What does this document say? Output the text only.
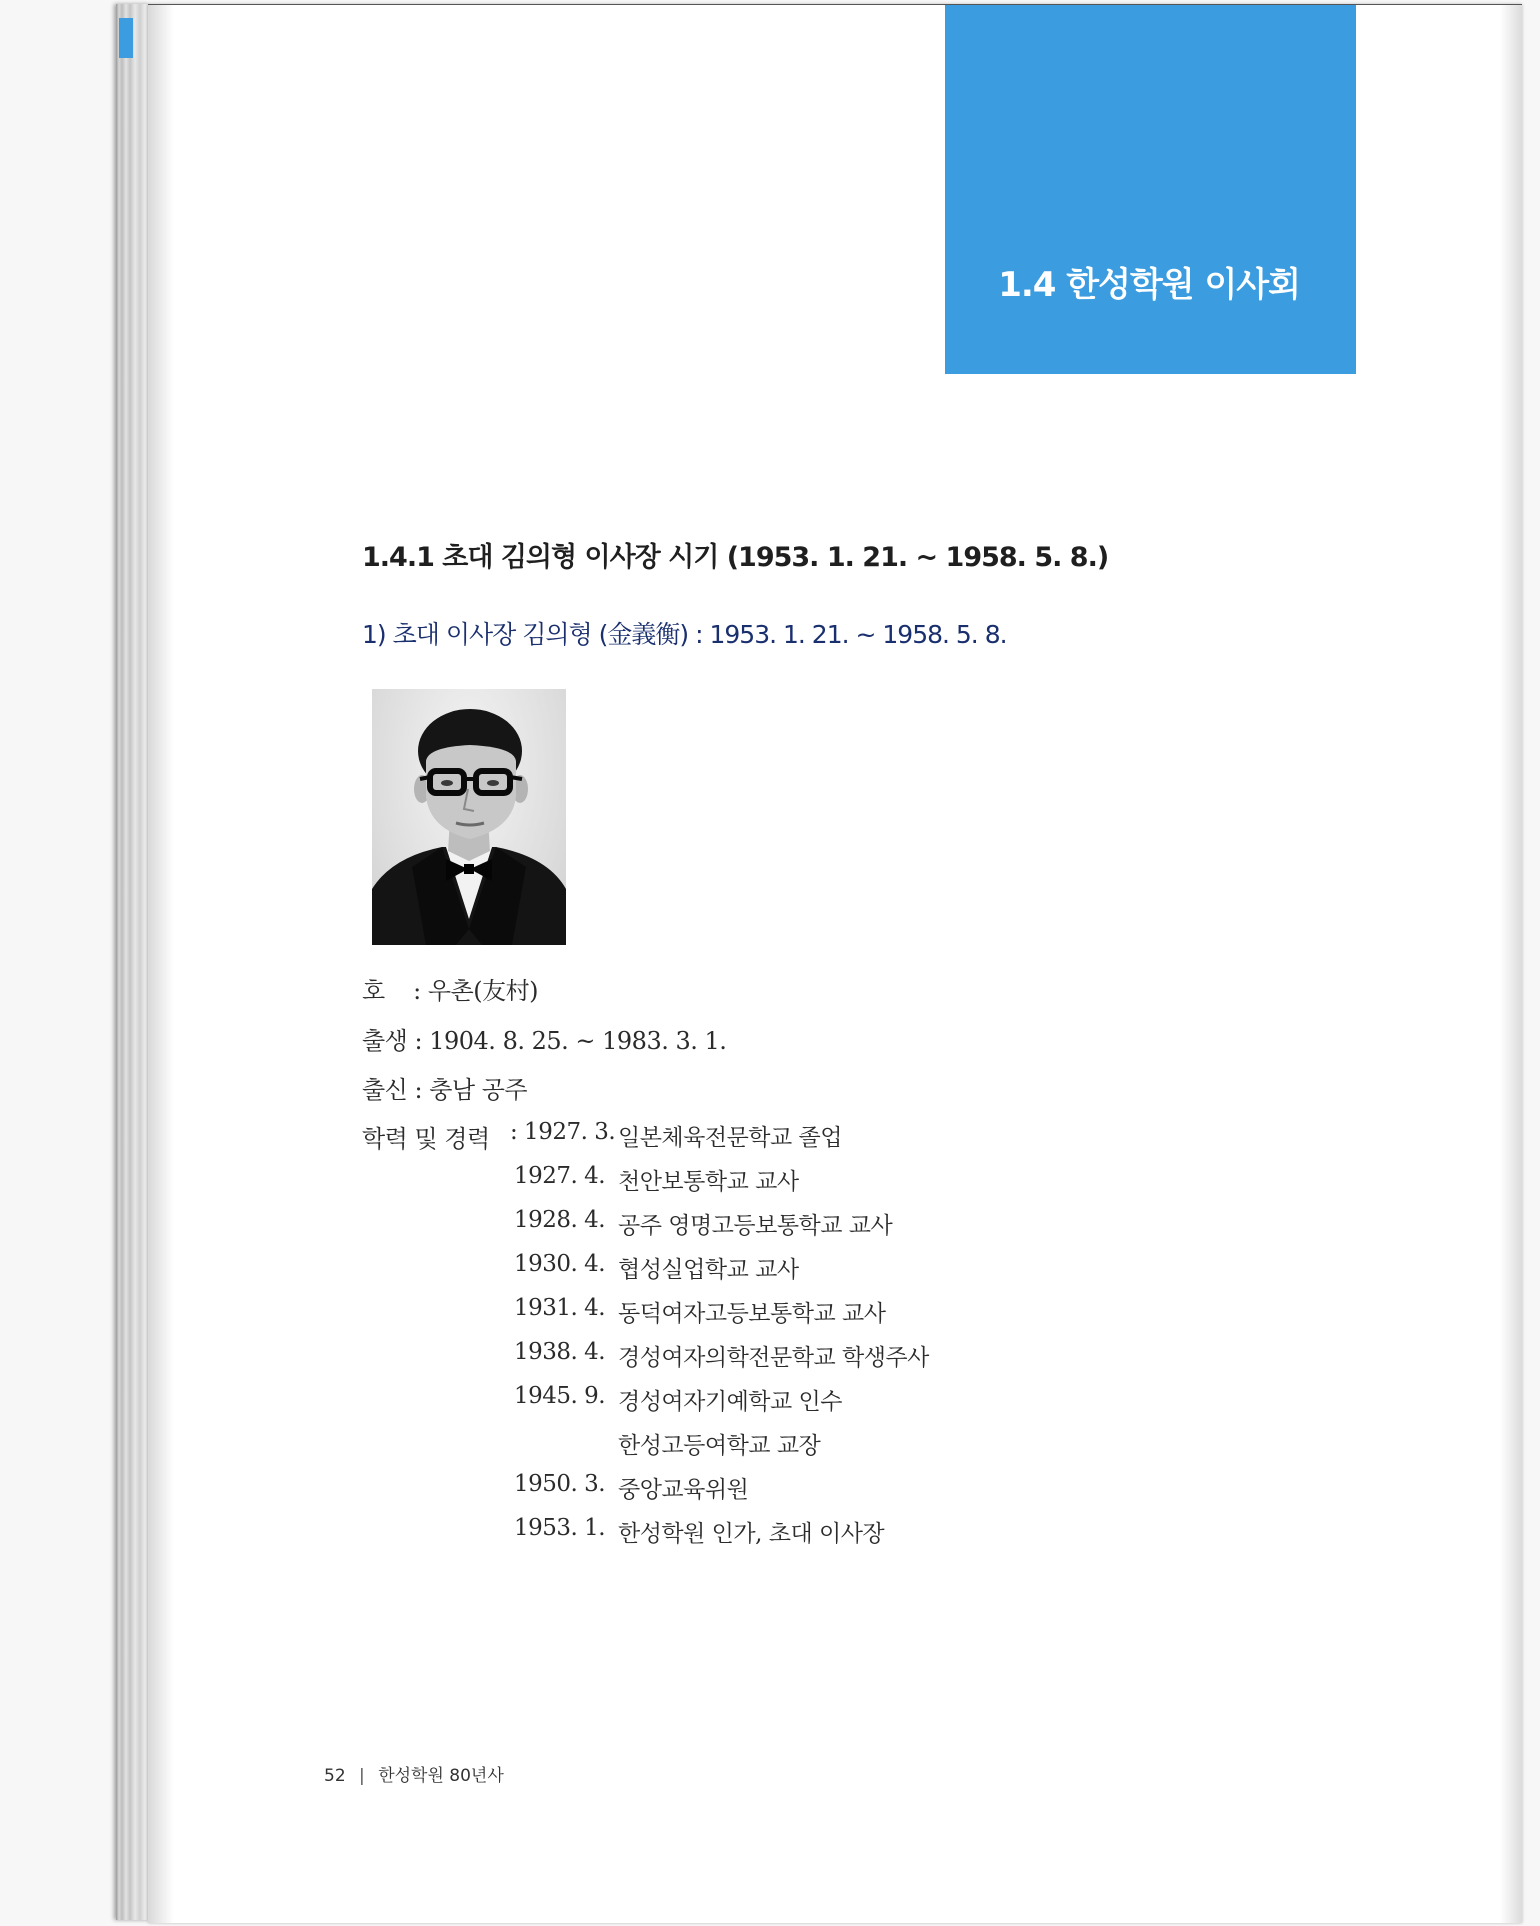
1.4 한성학원 이사회
1.4.1 초대 김의형 이사장 시기 (1953. 1. 21. ~ 1958. 5. 8.)
1) 초대 이사장 김의형 (金義衡) : 1953. 1. 21. ~ 1958. 5. 8.
호 : 우촌(友村)
출생 : 1904. 8. 25. ~ 1983. 3. 1.
출신 : 충남 공주
학력 및 경력 : 1927. 3. 일본체육전문학교 졸업
1927. 4. 천안보통학교 교사
1928. 4. 공주 영명고등보통학교 교사
1930. 4. 협성실업학교 교사
1931. 4. 동덕여자고등보통학교 교사
1938. 4. 경성여자의학전문학교 학생주사
1945. 9. 경성여자기예학교 인수
한성고등여학교 교장
1950. 3. 중앙교육위원
1953. 1. 한성학원 인가, 초대 이사장
52 | 한성학원 80년사
